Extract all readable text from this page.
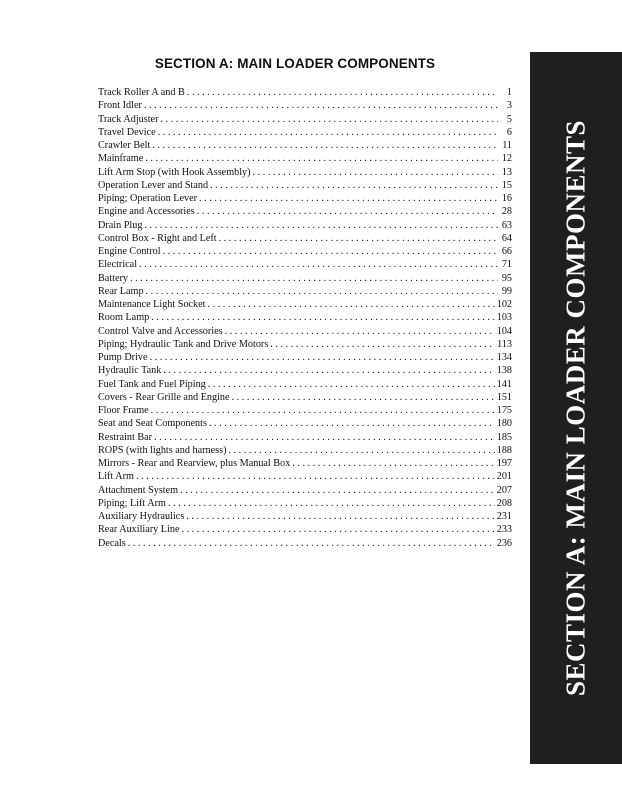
SECTION A: MAIN LOADER COMPONENTS
Track Roller A and B . . .	1
Front Idler . . .	3
Track Adjuster . . .	5
Travel Device . . .	6
Crawler Belt . . .	11
Mainframe . . .	12
Lift Arm Stop (with Hook Assembly) . . .	13
Operation Lever and Stand . . .	15
Piping; Operation Lever . . .	16
Engine and Accessories . . .	28
Drain Plug . . .	63
Control Box - Right and Left . . .	64
Engine Control . . .	66
Electrical . . .	71
Battery . . .	95
Rear Lamp . . .	99
Maintenance Light Socket . . .	102
Room Lamp . . .	103
Control Valve and Accessories . . .	104
Piping; Hydraulic Tank and Drive Motors . . .	113
Pump Drive . . .	134
Hydraulic Tank . . .	138
Fuel Tank and Fuel Piping . . .	141
Covers - Rear Grille and Engine . . .	151
Floor Frame . . .	175
Seat and Seat Components . . .	180
Restraint Bar . . .	185
ROPS (with lights and harness) . . .	188
Mirrors - Rear and Rearview, plus Manual Box . . .	197
Lift Arm . . .	201
Attachment System . . .	207
Piping; Lift Arm . . .	208
Auxiliary Hydraulics . . .	231
Rear Auxiliary Line . . .	233
Decals . . .	236 SECTION A: MAIN LOADER COMPONENTS
